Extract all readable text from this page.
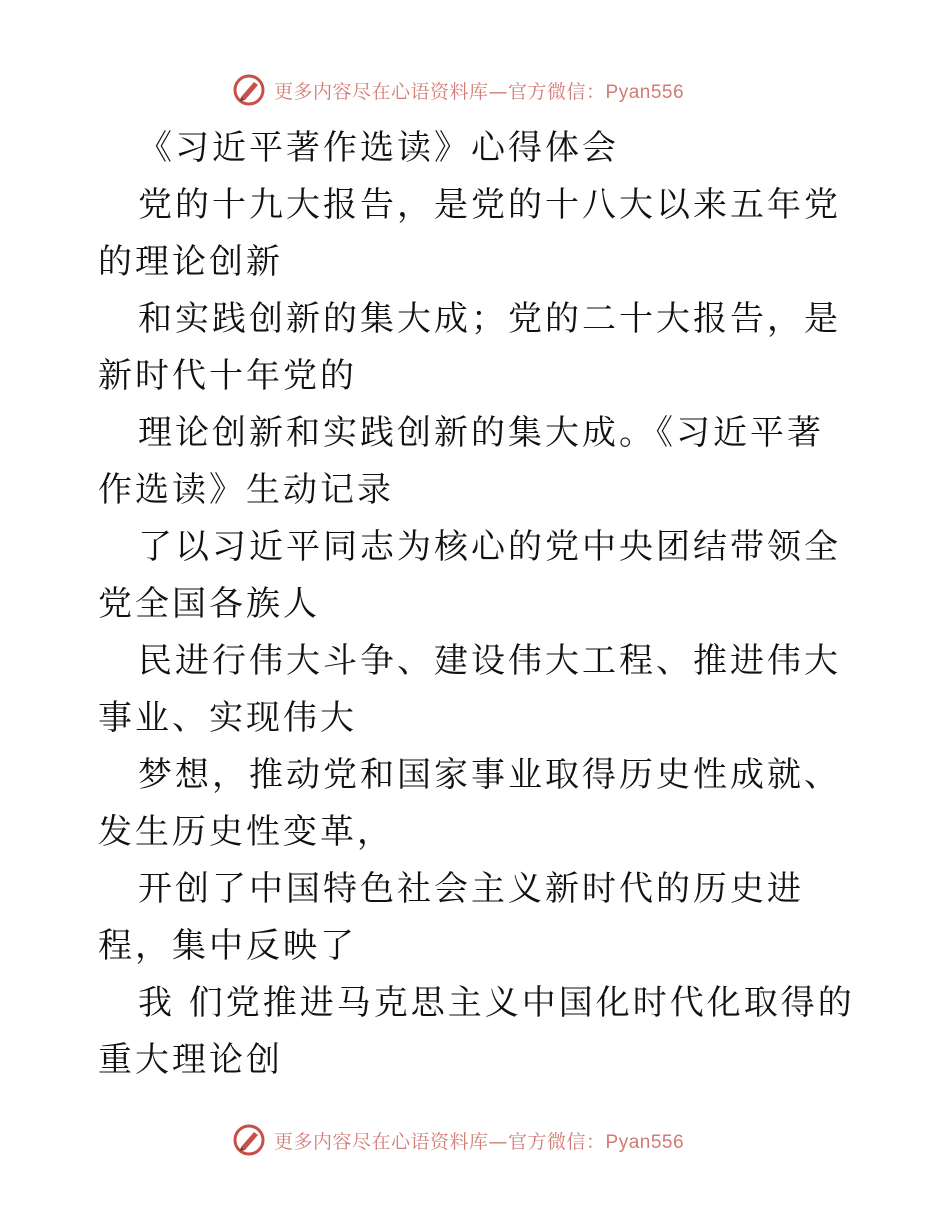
更多内容尽在心语资料库—官方微信：Pyan556

《习近平著作选读》心得体会

党的十九大报告，是党的十八大以来五年党的理论创新

和实践创新的集大成；党的二十大报告，是新时代十年党的

理论创新和实践创新的集大成。《习近平著作选读》生动记录

了以习近平同志为核心的党中央团结带领全党全国各族人

民进行伟大斗争、建设伟大工程、推进伟大事业、实现伟大

梦想，推动党和国家事业取得历史性成就、发生历史性变革，

开创了中国特色社会主义新时代的历史进程，集中反映了

我 们党推进马克思主义中国化时代化取得的重大理论创

更多内容尽在心语资料库—官方微信：Pyan556
